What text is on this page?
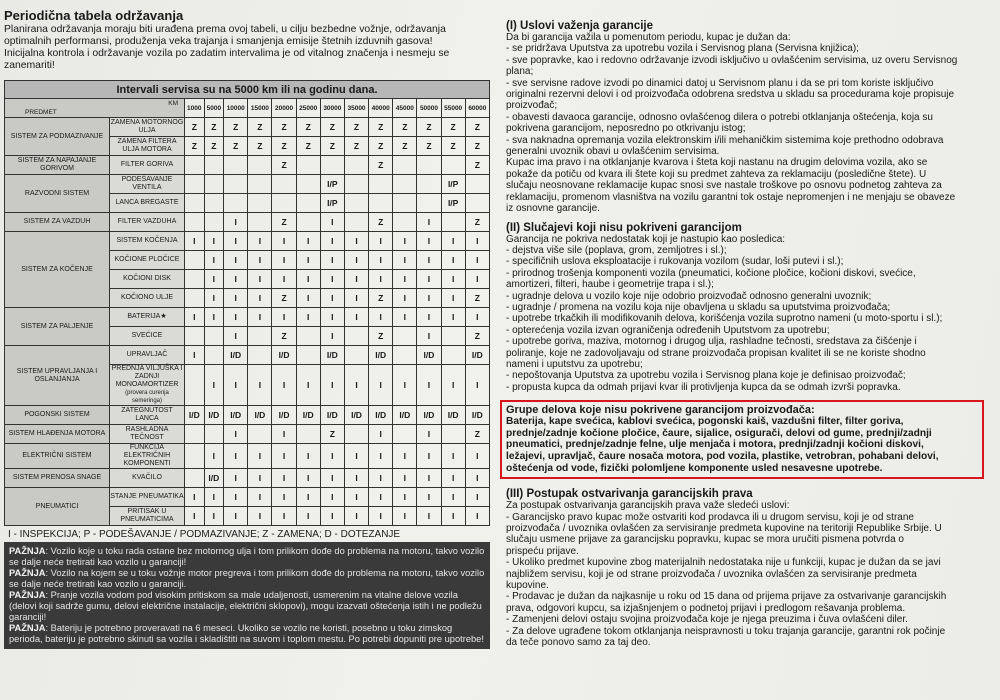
Periodična tabela održavanja
Planirana održavanja moraju biti urađena prema ovoj tabeli, u cilju bezbedne vožnje, održavanja
optimalnih performansi, produženja veka trajanja i smanjenja emisije štetnih izduvnih gasova!
Inicijalna kontrola i održavanje vozila po zadatim intervalima je od vitalnog značenja i nesmeju se
zanemariti!
Intervali servisa su na 5000 km ili na godinu dana.														

KM
PREDMET		1000	5000	10000	15000	20000	25000	30000	35000	40000	45000	50000	55000	60000
SISTEM ZA PODMAZIVANJE	ZAMENA MOTORNOG ULJA	Z	Z	Z	Z	Z	Z	Z	Z	Z	Z	Z	Z	Z
	ZAMENA FILTERA ULJA MOTORA	Z	Z	Z	Z	Z	Z	Z	Z	Z	Z	Z	Z	Z
SISTEM ZA NAPAJANJE GORIVOM	FILTER GORIVA					Z				Z				Z
RAZVODNI SISTEM	PODEŠAVANJE VENTILA							I/P					I/P	
	LANCA BREGASTE							I/P					I/P	
SISTEM ZA VAZDUH	FILTER VAZDUHA			I		Z		I		Z		I		Z
SISTEM ZA KOČENJE	SISTEM KOČENJA	I	I	I	I	I	I	I	I	I	I	I	I	I
	KOČIONE PLOČICE		I	I	I	I	I	I	I	I	I	I	I	I
	KOČIONI DISK		I	I	I	I	I	I	I	I	I	I	I	I
	KOČIONO ULJE		I	I	I	Z	I	I	I	Z	I	I	I	Z
SISTEM ZA PALJENJE	BATERIJA★	I	I	I	I	I	I	I	I	I	I	I	I	I
	SVEĆICE			I		Z		I		Z		I		Z
SISTEM UPRAVLJANJA I OSLANJANJA	UPRAVLJAČ	I		I/D		I/D		I/D		I/D		I/D		I/D
	PREDNJA VILJUŠKA I ZADNJI MONOAMORTIZER
(provera curenja semeringa)		I	I	I	I	I	I	I	I	I	I	I	I
POGONSKI SISTEM	ZATEGNUTOST LANCA	I/D	I/D	I/D	I/D	I/D	I/D	I/D	I/D	I/D	I/D	I/D	I/D	I/D
SISTEM HLAĐENJA MOTORA	RASHLADNA TEČNOST			I		I		Z		I		I		Z
ELEKTRIČNI SISTEM	FUNKCIJA ELEKTRIČNIH KOMPONENTI		I	I	I	I	I	I	I	I	I	I	I	I
SISTEM PRENOSA SNAGE	KVAČILO		I/D	I	I	I	I	I	I	I	I	I	I	I
PNEUMATICI	STANJE PNEUMATIKA	I	I	I	I	I	I	I	I	I	I	I	I	I
	PRITISAK U PNEUMATICIMA	I	I	I	I	I	I	I	I	I	I	I	I	I
I - INSPEKCIJA; P - PODEŠAVANJE / PODMAZIVANJE; Z - ZAMENA; D - DOTEZANJE

PAŽNJA: Vozilo koje u toku rada ostane bez motornog ulja i tom prilikom dođe do problema na motoru, takvo vozilo se dalje neće tretirati kao vozilo u garanciji!

PAŽNJA: Vozilo na kojem se u toku vožnje motor pregreva i tom prilikom dođe do problema na motoru, takvo vozilo se dalje neće tretirati kao vozilo u garanciji.

PAŽNJA: Pranje vozila vodom pod visokim pritiskom sa male udaljenosti, usmerenim na vitalne delove vozila (delovi koji sadrže gumu, delovi električne instalacije, električni sklopovi), mogu izazvati oštećenja istih i ne podležu garanciji!

PAŽNJA: Bateriju je potrebno proveravati na 6 meseci. Ukoliko se vozilo ne koristi, posebno u toku zimskog perioda, bateriju je potrebno skinuti sa vozila i skladištiti na suvom i toplom mestu. Po potrebi dopuniti pre upotrebe!

(I) Uslovi važenja garancije
Da bi garancija važila u pomenutom periodu, kupac je dužan da:
- se pridržava Uputstva za upotrebu vozila i Servisnog plana (Servisna knjižica);
- sve popravke, kao i redovno održavanje izvodi isključivo u ovlašćenim servisima, uz overu Servisnog
plana;
- sve servisne radove izvodi po dinamici datoj u Servisnom planu i da se pri tom koriste isključivo
originalni rezervni delovi i od proizvođača odobrena sredstva u skladu sa procedurama koje propisuje
proizvođač;
- obavesti davaoca garancije, odnosno ovlašćenog dilera o potrebi otklanjanja oštećenja, koja su
pokrivena garancijom, neposredno po otkrivanju istog;
- sva naknadna opremanja vozila elektronskim i/ili mehaničkim sistemima koje prethodno odobrava
generalni uvoznik obavi u ovlašćenim servisima.
Kupac ima pravo i na otklanjanje kvarova i šteta koji nastanu na drugim delovima vozila, ako se
pokaže da potiču od kvara ili štete koji su predmet zahteva za reklamaciju (posledične štete). U
slučaju neosnovane reklamacije kupac snosi sve nastale troškove po osnovu podnetog zahteva za
reklamaciju, promenom vlasništva na vozilu garantni tok ostaje nepromenjen i ne menjaju se obaveze
iz osnovne garancije.
(II) Slučajevi koji nisu pokriveni garancijom
Garancija ne pokriva nedostatak koji je nastupio kao posledica:
- dejstva više sile (poplava, grom, zemljotres i sl.);
- specifičnih uslova eksploatacije i rukovanja vozilom (sudar, loši putevi i sl.);
- prirodnog trošenja komponenti vozila (pneumatici, kočione pločice, kočioni diskovi, svećice,
amortizeri, filteri, haube i geometrije trapa i sl.);
- ugradnje delova u vozilo koje nije odobrio proizvođač odnosno generalni uvoznik;
- ugradnje / promena na vozilu koja nije obavljena u skladu sa uputstvima proizvođača;
- upotrebe trkačkih ili modifikovanih delova, korišćenja vozila suprotno nameni (u moto-sportu i sl.);
- opterećenja vozila izvan ograničenja određenih Uputstvom za upotrebu;
- upotrebe goriva, maziva, motornog i drugog ulja, rashladne tečnosti, sredstava za čišćenje i
poliranje, koje ne zadovoljavaju od strane proizvođača propisan kvalitet ili se ne koriste shodno
nameni i uputstvu za upotrebu;
- nepoštovanja Uputstva za upotrebu vozila i Servisnog plana koje je definisao proizvođač;
- propusta kupca da odmah prijavi kvar ili protivljenja kupca da se odmah izvrši popravka.
Grupe delova koje nisu pokrivene garancijom proizvođača:
Baterija, kape svećica, kablovi svećica, pogonski kaiš, vazdušni filter, filter goriva,
prednje/zadnje kočione pločice, čaure, sijalice, osigurači, delovi od gume, prednji/zadnji
pneumatici, prednje/zadnje felne, ulje menjača i motora, prednji/zadnji kočioni diskovi,
ležajevi, upravljač, čaure nosača motora, pod vozila, plastike, vetrobran, pohabani delovi,
oštećenja od vode, fizički polomljene komponente usled nesavesne upotrebe.
(III) Postupak ostvarivanja garancijskih prava
Za postupak ostvarivanja garancijskih prava važe sledeći uslovi:
- Garancijsko pravo kupac može ostvariti kod prodavca ili u drugom servisu, koji je od strane
proizvođača / uvoznika ovlašćen za servisiranje predmeta kupovine na teritoriji Republike Srbije. U
slučaju usmene prijave za garancijsku popravku, kupac se mora uručiti pismena potvrda o
prispeću prijave.
- Ukoliko predmet kupovine zbog materijalnih nedostataka nije u funkciji, kupac je dužan da se javi
najbližem servisu, koji je od strane proizvođača / uvoznika ovlašćen za servisiranje predmeta
kupovine.
- Prodavac je dužan da najkasnije u roku od 15 dana od prijema prijave za ostvarivanje garancijskih
prava, odgovori kupcu, sa izjašnjenjem o podnetoj prijavi i predlogom rešavanja problema.
- Zamenjeni delovi ostaju svojina proizvođača koje je njega preuzima i čuva ovlašćeni diler.
- Za delove ugrađene tokom otklanjanja neispravnosti u toku trajanja garancije, garantni rok počinje
da teče ponovo samo za taj deo.
